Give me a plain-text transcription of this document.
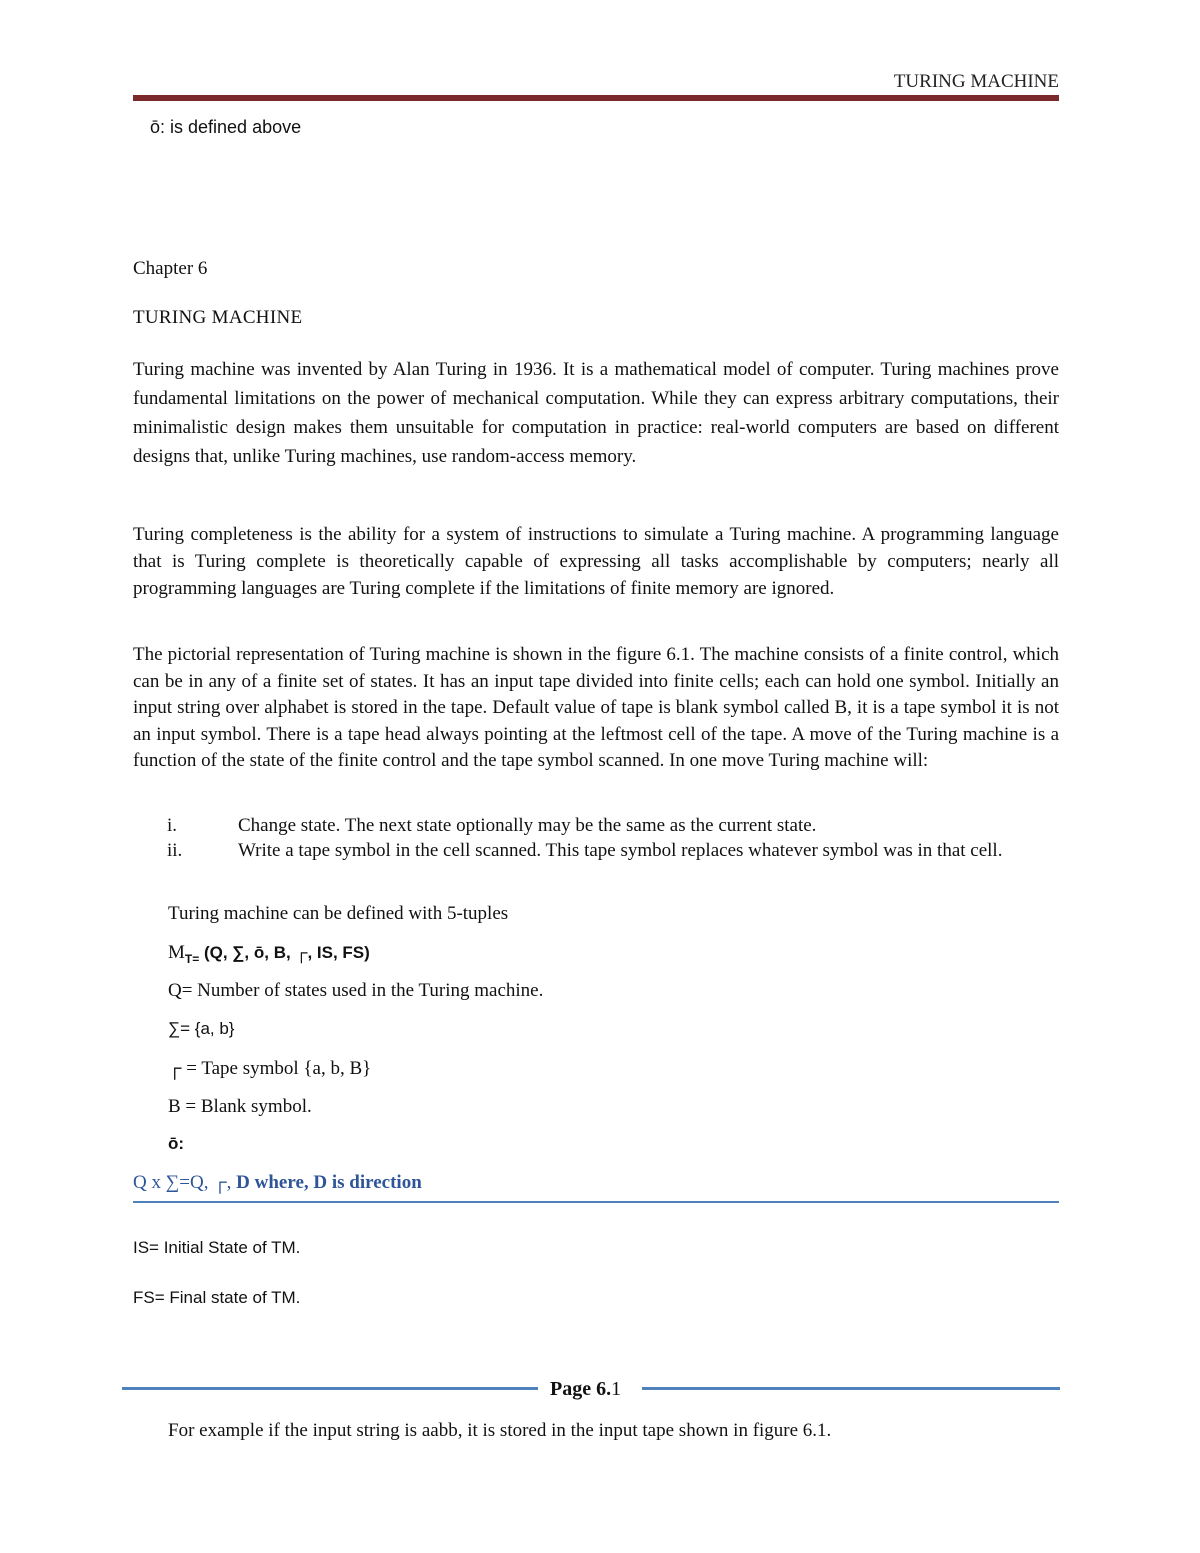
TURING MACHINE
ō: is defined above
Chapter 6
TURING MACHINE

Turing machine was invented by Alan Turing in 1936. It is a mathematical model of computer. Turing machines prove fundamental limitations on the power of mechanical computation. While they can express arbitrary computations, their minimalistic design makes them unsuitable for computation in practice: real-world computers are based on different designs that, unlike Turing machines, use random-access memory.

Turing completeness is the ability for a system of instructions to simulate a Turing machine. A programming language that is Turing complete is theoretically capable of expressing all tasks accomplishable by computers; nearly all programming languages are Turing complete if the limitations of finite memory are ignored.

The pictorial representation of Turing machine is shown in the figure 6.1. The machine consists of a finite control, which can be in any of a finite set of states. It has an input tape divided into finite cells; each can hold one symbol. Initially an input string over alphabet is stored in the tape. Default value of tape is blank symbol called B, it is a tape symbol it is not an input symbol. There is a tape head always pointing at the leftmost cell of the tape. A move of the Turing machine is a function of the state of the finite control and the tape symbol scanned. In one move Turing machine will:

i.	Change state. The next state optionally may be the same as the current state.
ii.	Write a tape symbol in the cell scanned. This tape symbol replaces whatever symbol was in that cell.
Turing machine can be defined with 5-tuples
$M_{T=}$ (Q, ∑, ō, B, ┌, IS, FS)
Q= Number of states used in the Turing machine.
∑= {a, b}
┌ = Tape symbol {a, b, B}
B = Blank symbol.
ō:
Q x ∑=Q, ┌, D where, D is direction
IS= Initial State of TM.
FS= Final state of TM.
Page 6.1
For example if the input string is aabb, it is stored in the input tape shown in figure 6.1.
